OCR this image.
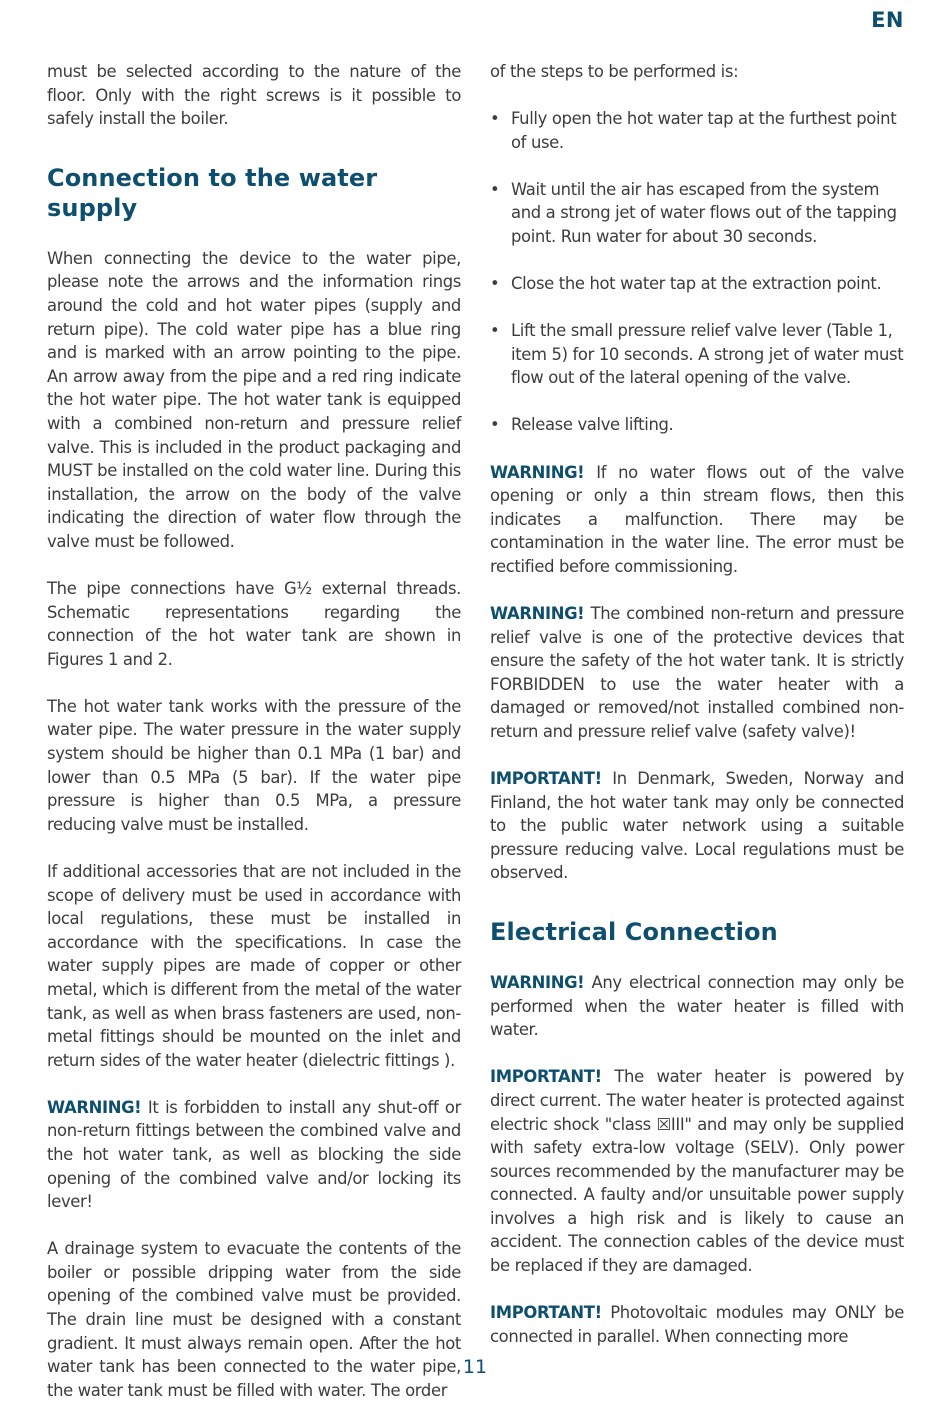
EN

must be selected according to the nature of the floor. Only with the right screws is it possible to safely install the boiler.

Connection to the water supply

When connecting the device to the water pipe, please note the arrows and the information rings around the cold and hot water pipes (supply and return pipe). The cold water pipe has a blue ring and is marked with an arrow pointing to the pipe. An arrow away from the pipe and a red ring indicate the hot water pipe. The hot water tank is equipped with a combined non-return and pressure relief valve. This is included in the product packaging and MUST be installed on the cold water line. During this installation, the arrow on the body of the valve indicating the direction of water flow through the valve must be followed.

The pipe connections have G½ external threads. Schematic representations regarding the connection of the hot water tank are shown in Figures 1 and 2.

The hot water tank works with the pressure of the water pipe. The water pressure in the water supply system should be higher than 0.1 MPa (1 bar) and lower than 0.5 MPa (5 bar). If the water pipe pressure is higher than 0.5 MPa, a pressure reducing valve must be installed.

If additional accessories that are not included in the scope of delivery must be used in accordance with local regulations, these must be installed in accordance with the specifications. In case the water supply pipes are made of copper or other metal, which is different from the metal of the water tank, as well as when brass fasteners are used, non-metal fittings should be mounted on the inlet and return sides of the water heater (dielectric fittings ).

WARNING! It is forbidden to install any shut-off or non-return fittings between the combined valve and the hot water tank, as well as blocking the side opening of the combined valve and/or locking its lever!

A drainage system to evacuate the contents of the boiler or possible dripping water from the side opening of the combined valve must be provided. The drain line must be designed with a constant gradient. It must always remain open. After the hot water tank has been connected to the water pipe, the water tank must be filled with water. The order

of the steps to be performed is:

• Fully open the hot water tap at the furthest point of use.
• Wait until the air has escaped from the system and a strong jet of water flows out of the tapping point. Run water for about 30 seconds.
• Close the hot water tap at the extraction point.
• Lift the small pressure relief valve lever (Table 1, item 5) for 10 seconds. A strong jet of water must flow out of the lateral opening of the valve.
• Release valve lifting.

WARNING! If no water flows out of the valve opening or only a thin stream flows, then this indicates a malfunction. There may be contamination in the water line. The error must be rectified before commissioning.

WARNING! The combined non-return and pressure relief valve is one of the protective devices that ensure the safety of the hot water tank. It is strictly FORBIDDEN to use the water heater with a damaged or removed/not installed combined non-return and pressure relief valve (safety valve)!

IMPORTANT! In Denmark, Sweden, Norway and Finland, the hot water tank may only be connected to the public water network using a suitable pressure reducing valve. Local regulations must be observed.

Electrical Connection

WARNING! Any electrical connection may only be performed when the water heater is filled with water.

IMPORTANT! The water heater is powered by direct current. The water heater is protected against electric shock "class ☒III" and may only be supplied with safety extra-low voltage (SELV). Only power sources recommended by the manufacturer may be connected. A faulty and/or unsuitable power supply involves a high risk and is likely to cause an accident. The connection cables of the device must be replaced if they are damaged.

IMPORTANT! Photovoltaic modules may ONLY be connected in parallel. When connecting more

11
